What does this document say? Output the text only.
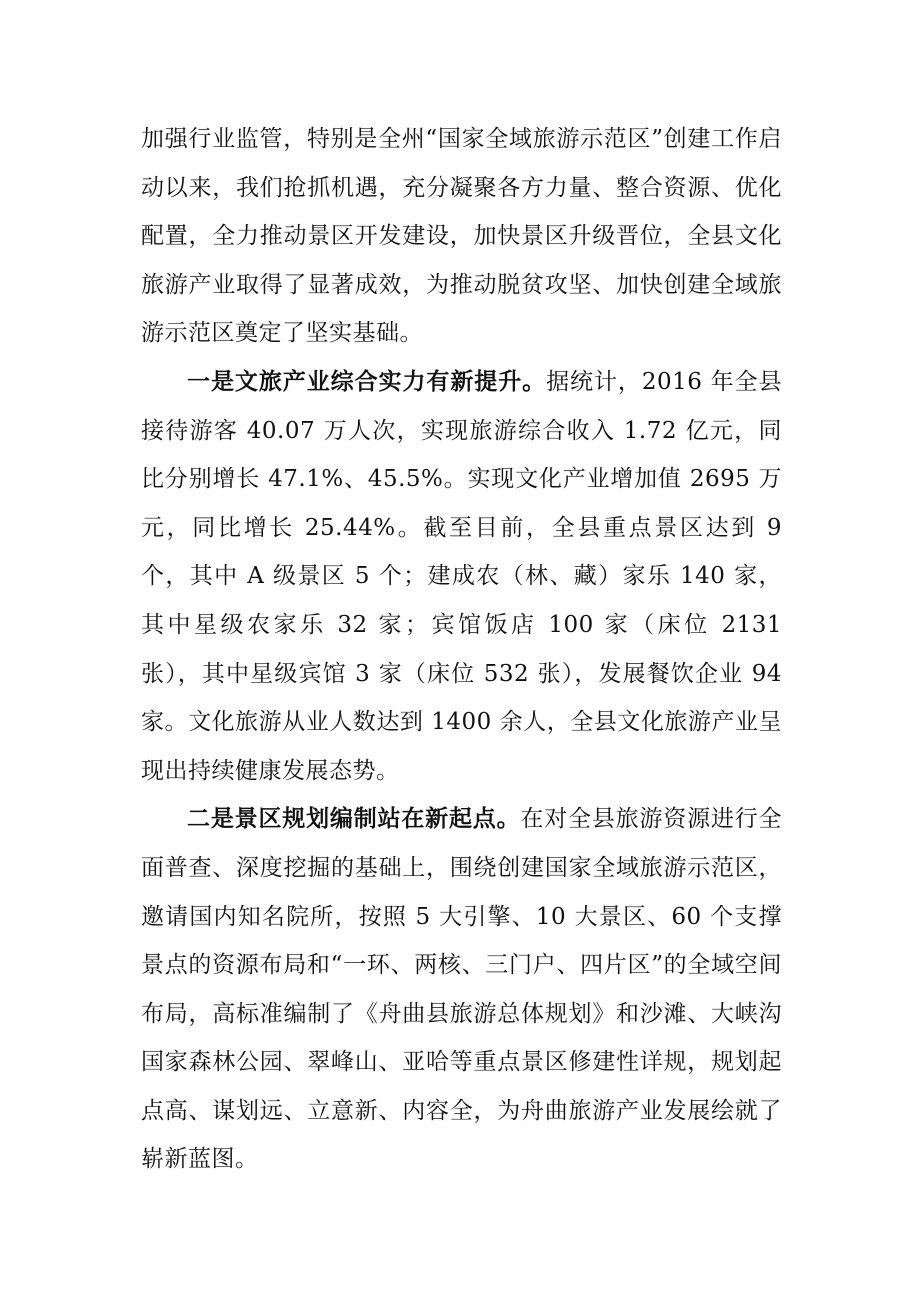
加强行业监管，特别是全州“国家全域旅游示范区”创建工作启动以来，我们抢抓机遇，充分凝聚各方力量、整合资源、优化配置，全力推动景区开发建设，加快景区升级晋位，全县文化旅游产业取得了显著成效，为推动脱贫攻坚、加快创建全域旅游示范区奠定了坚实基础。

一是文旅产业综合实力有新提升。据统计，2016 年全县接待游客 40.07 万人次，实现旅游综合收入 1.72 亿元，同比分别增长 47.1%、45.5%。实现文化产业增加值 2695 万元，同比增长 25.44%。截至目前，全县重点景区达到 9 个，其中 A 级景区 5 个；建成农（林、藏）家乐 140 家，其中星级农家乐 32 家；宾馆饭店 100 家（床位 2131 张），其中星级宾馆 3 家（床位 532 张），发展餐饮企业 94 家。文化旅游从业人数达到 1400 余人，全县文化旅游产业呈现出持续健康发展态势。

二是景区规划编制站在新起点。在对全县旅游资源进行全面普查、深度挖掘的基础上，围绕创建国家全域旅游示范区，邀请国内知名院所，按照 5 大引擎、10 大景区、60 个支撑景点的资源布局和“一环、两核、三门户、四片区”的全域空间布局，高标准编制了《舟曲县旅游总体规划》和沙滩、大峡沟国家森林公园、翠峰山、亚哈等重点景区修建性详规，规划起点高、谋划远、立意新、内容全，为舟曲旅游产业发展绘就了崭新蓝图。
